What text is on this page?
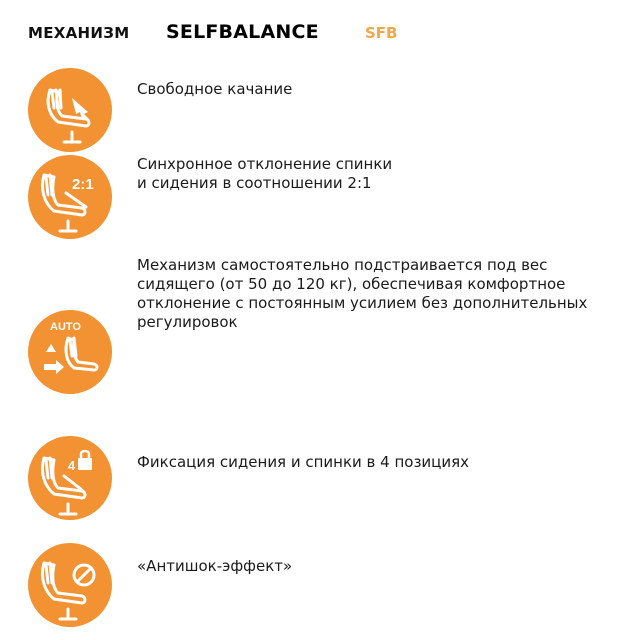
МЕХАНИЗМ SELFBALANCE	SFB
Свободное качание
2:1
Синхронное отклонение спинки
и сидения в соотношении 2:1
AUTO
Механизм самостоятельно подстраивается под вес
сидящего (от 50 до 120 кг), обеспечивая комфортное
отклонение с постоянным усилием без дополнительных
регулировок
4	Фиксация сидения и спинки в 4 позициях
«Антишок-эффект»
